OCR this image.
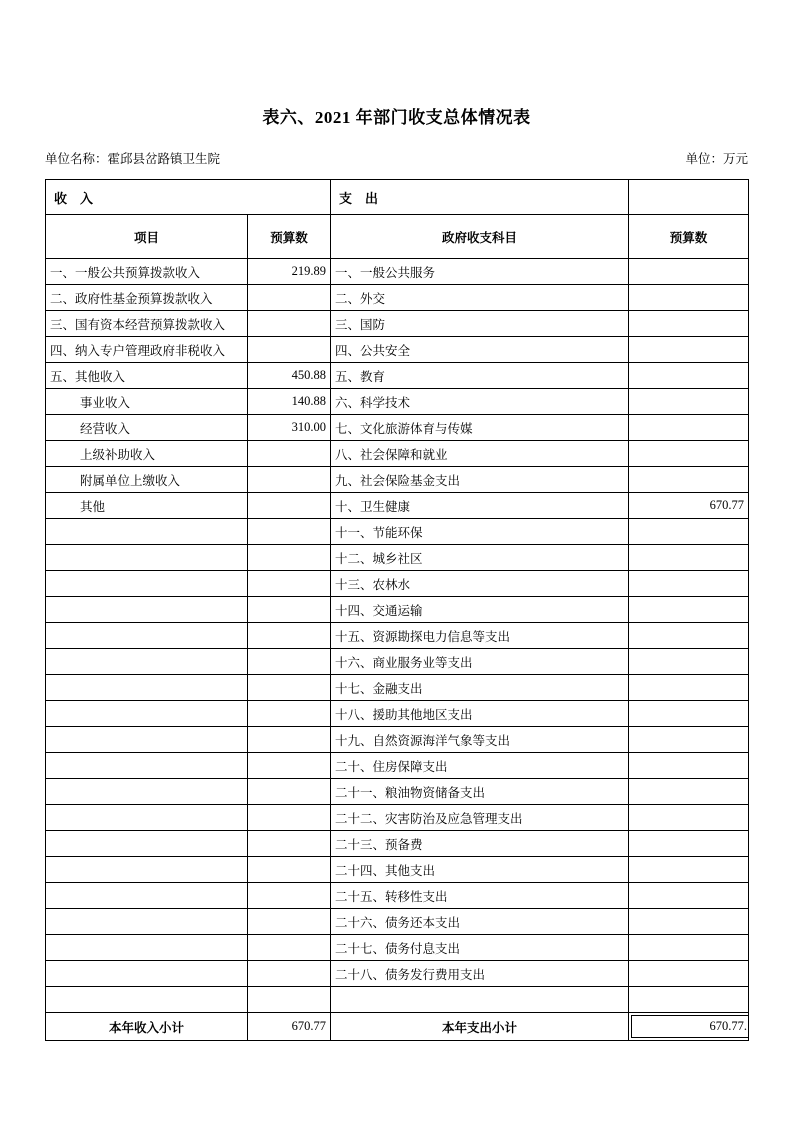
表六、2021 年部门收支总体情况表
单位名称：霍邱县岔路镇卫生院	单位：万元
收　入		支　出	
项目	预算数	政府收支科目	预算数
一、一般公共预算拨款收入	219.89	一、一般公共服务	
二、政府性基金预算拨款收入		二、外交	
三、国有资本经营预算拨款收入		三、国防	
四、纳入专户管理政府非税收入		四、公共安全	
五、其他收入	450.88	五、教育	
事业收入	140.88	六、科学技术	
经营收入	310.00	七、文化旅游体育与传媒	
上级补助收入		八、社会保障和就业	
附属单位上缴收入		九、社会保险基金支出	
其他		十、卫生健康	670.77
		十一、节能环保	
		十二、城乡社区	
		十三、农林水	
		十四、交通运输	
		十五、资源勘探电力信息等支出	
		十六、商业服务业等支出	
		十七、金融支出	
		十八、援助其他地区支出	
		十九、自然资源海洋气象等支出	
		二十、住房保障支出	
		二十一、粮油物资储备支出	
		二十二、灾害防治及应急管理支出	
		二十三、预备费	
		二十四、其他支出	
		二十五、转移性支出	
		二十六、债务还本支出	
		二十七、债务付息支出	
		二十八、债务发行费用支出	

本年收入小计	670.77	本年支出小计	670.77.
